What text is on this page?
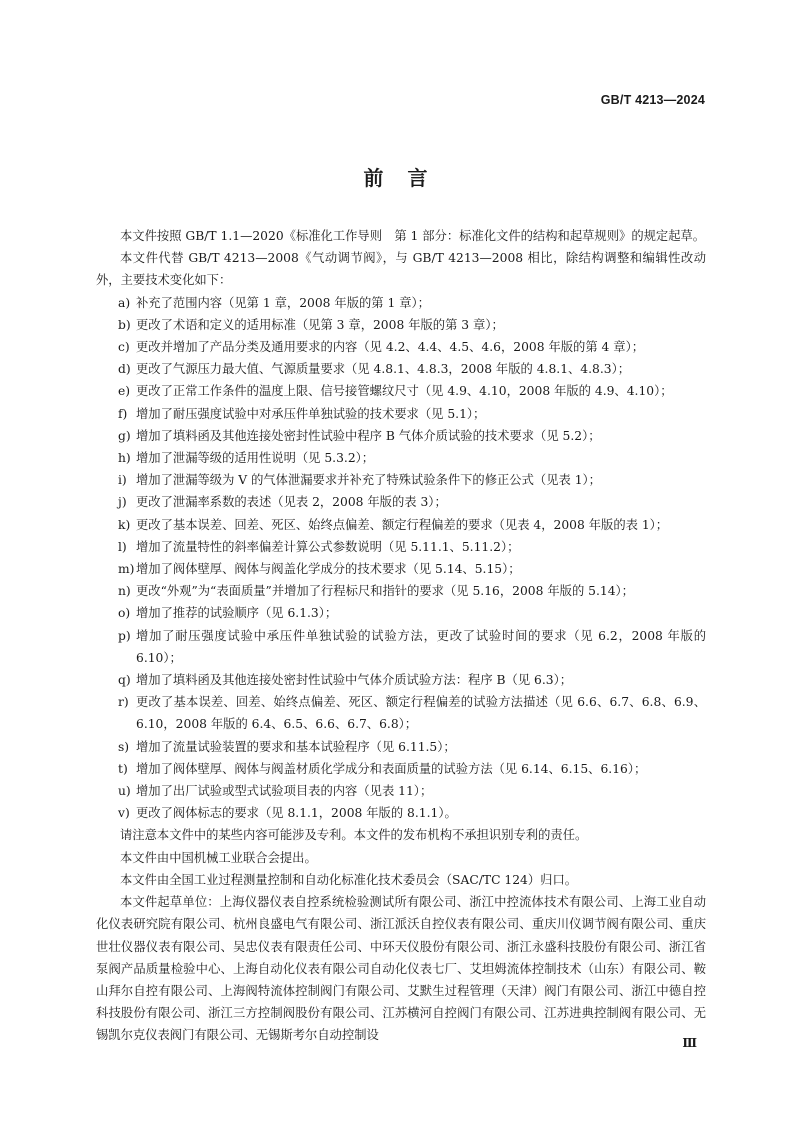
GB/T 4213—2024
前　言

本文件按照 GB/T 1.1—2020《标准化工作导则　第 1 部分：标准化文件的结构和起草规则》的规定起草。

本文件代替 GB/T 4213—2008《气动调节阀》，与 GB/T 4213—2008 相比，除结构调整和编辑性改动外，主要技术变化如下：

a) 补充了范围内容（见第 1 章，2008 年版的第 1 章）；
b) 更改了术语和定义的适用标准（见第 3 章，2008 年版的第 3 章）；
c) 更改并增加了产品分类及通用要求的内容（见 4.2、4.4、4.5、4.6，2008 年版的第 4 章）；
d) 更改了气源压力最大值、气源质量要求（见 4.8.1、4.8.3，2008 年版的 4.8.1、4.8.3）；
e) 更改了正常工作条件的温度上限、信号接管螺纹尺寸（见 4.9、4.10，2008 年版的 4.9、4.10）；
f) 增加了耐压强度试验中对承压件单独试验的技术要求（见 5.1）；
g) 增加了填料函及其他连接处密封性试验中程序 B 气体介质试验的技术要求（见 5.2）；
h) 增加了泄漏等级的适用性说明（见 5.3.2）；
i) 增加了泄漏等级为 V 的气体泄漏要求并补充了特殊试验条件下的修正公式（见表 1）；
j) 更改了泄漏率系数的表述（见表 2，2008 年版的表 3）；
k) 更改了基本误差、回差、死区、始终点偏差、额定行程偏差的要求（见表 4，2008 年版的表 1）；
l) 增加了流量特性的斜率偏差计算公式参数说明（见 5.11.1、5.11.2）；
m) 增加了阀体壁厚、阀体与阀盖化学成分的技术要求（见 5.14、5.15）；
n) 更改“外观”为“表面质量”并增加了行程标尺和指针的要求（见 5.16，2008 年版的 5.14）；
o) 增加了推荐的试验顺序（见 6.1.3）；
p) 增加了耐压强度试验中承压件单独试验的试验方法，更改了试验时间的要求（见 6.2，2008 年版的 6.10）；
q) 增加了填料函及其他连接处密封性试验中气体介质试验方法：程序 B（见 6.3）；
r) 更改了基本误差、回差、始终点偏差、死区、额定行程偏差的试验方法描述（见 6.6、6.7、6.8、6.9、6.10，2008 年版的 6.4、6.5、6.6、6.7、6.8）；
s) 增加了流量试验装置的要求和基本试验程序（见 6.11.5）；
t) 增加了阀体壁厚、阀体与阀盖材质化学成分和表面质量的试验方法（见 6.14、6.15、6.16）；
u) 增加了出厂试验或型式试验项目表的内容（见表 11）；
v) 更改了阀体标志的要求（见 8.1.1，2008 年版的 8.1.1）。

请注意本文件中的某些内容可能涉及专利。本文件的发布机构不承担识别专利的责任。

本文件由中国机械工业联合会提出。

本文件由全国工业过程测量控制和自动化标准化技术委员会（SAC/TC 124）归口。

本文件起草单位：上海仪器仪表自控系统检验测试所有限公司、浙江中控流体技术有限公司、上海工业自动化仪表研究院有限公司、杭州良盛电气有限公司、浙江派沃自控仪表有限公司、重庆川仪调节阀有限公司、重庆世壮仪器仪表有限公司、吴忠仪表有限责任公司、中环天仪股份有限公司、浙江永盛科技股份有限公司、浙江省泵阀产品质量检验中心、上海自动化仪表有限公司自动化仪表七厂、艾坦姆流体控制技术（山东）有限公司、鞍山拜尔自控有限公司、上海阀特流体控制阀门有限公司、艾默生过程管理（天津）阀门有限公司、浙江中德自控科技股份有限公司、浙江三方控制阀股份有限公司、江苏横河自控阀门有限公司、江苏进典控制阀有限公司、无锡凯尔克仪表阀门有限公司、无锡斯考尔自动控制设

Ⅲ
